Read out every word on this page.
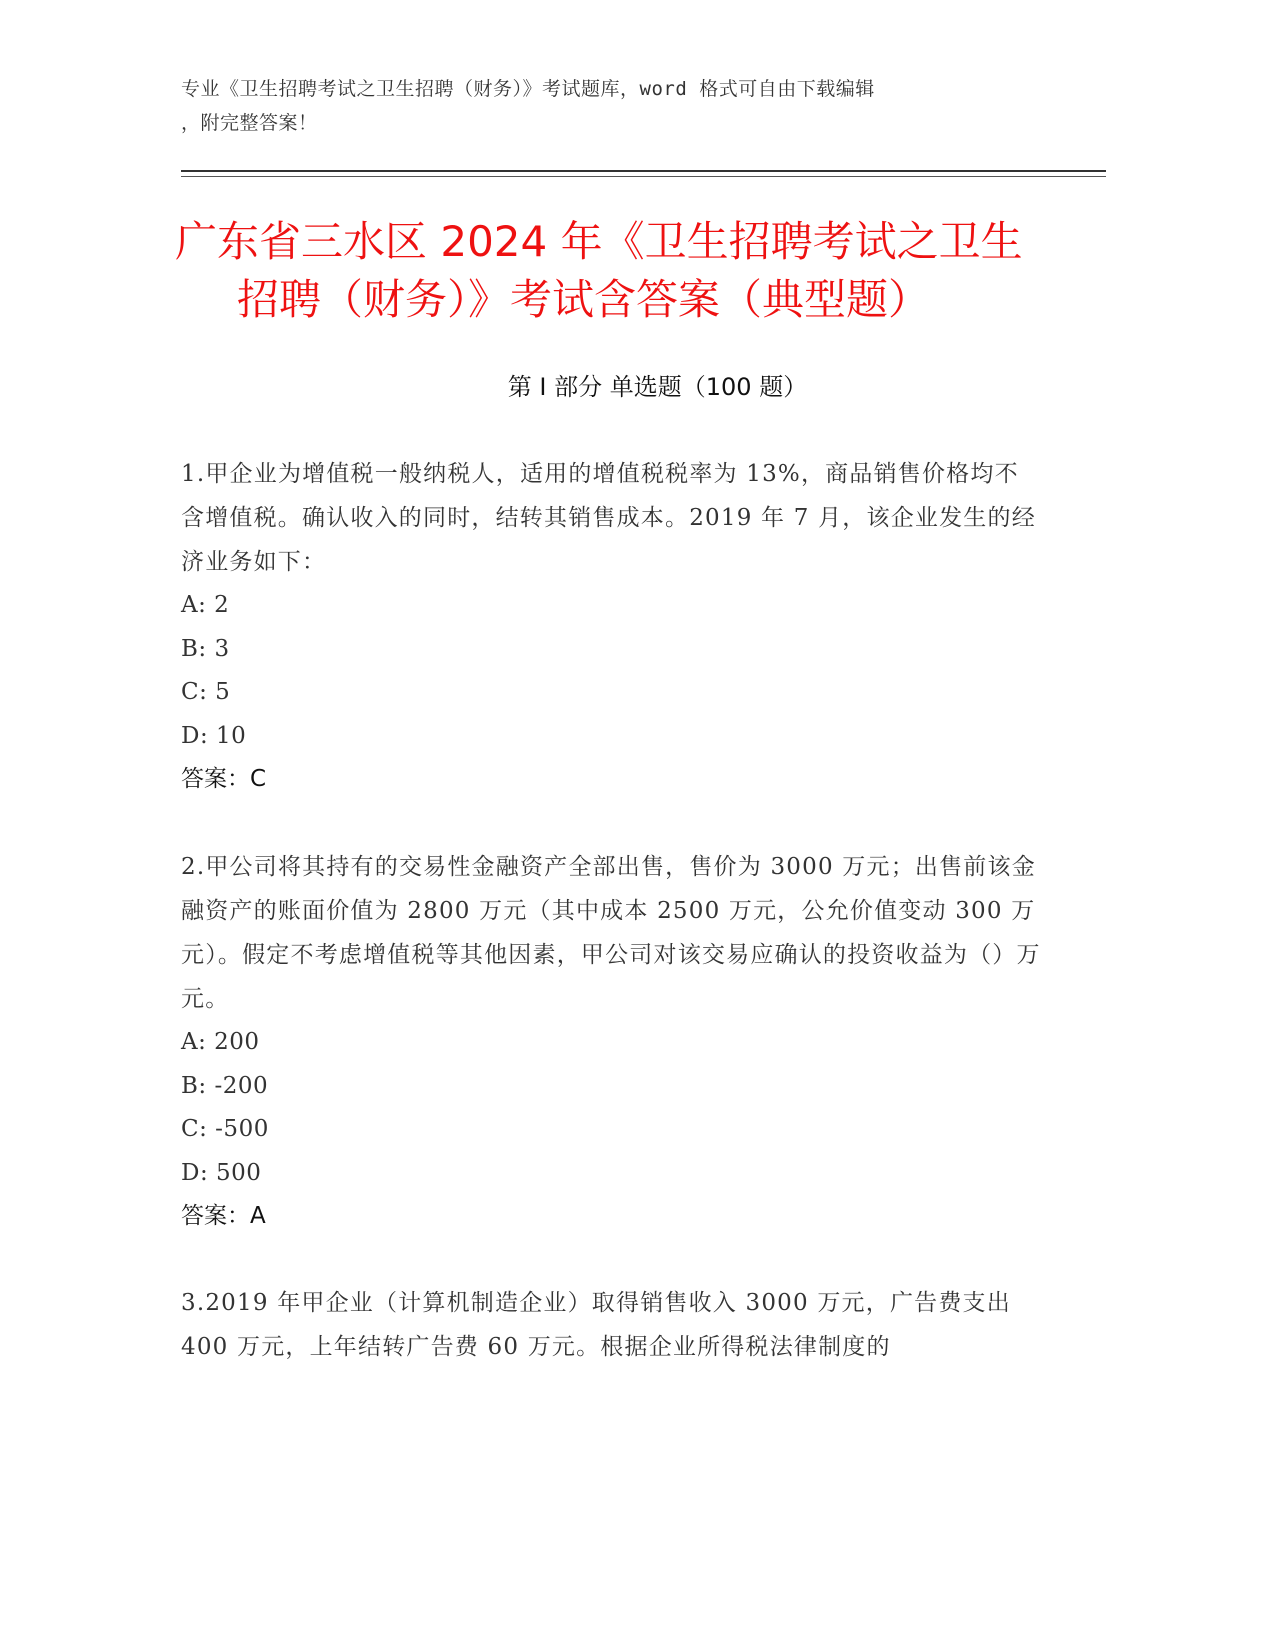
专业《卫生招聘考试之卫生招聘（财务）》考试题库，word 格式可自由下载编辑
，附完整答案！
广东省三水区 2024 年《卫生招聘考试之卫生
招聘（财务）》考试含答案（典型题）
第 I 部分 单选题（100 题）

1.甲企业为增值税一般纳税人，适用的增值税税率为 13%，商品销售价格均不含增值税。确认收入的同时，结转其销售成本。2019 年 7 月，该企业发生的经济业务如下：

A: 2

B: 3

C: 5

D: 10

答案：C

2.甲公司将其持有的交易性金融资产全部出售，售价为 3000 万元；出售前该金融资产的账面价值为 2800 万元（其中成本 2500 万元，公允价值变动 300 万元）。假定不考虑增值税等其他因素，甲公司对该交易应确认的投资收益为（）万元。

A: 200

B: -200

C: -500

D: 500

答案：A

3.2019 年甲企业（计算机制造企业）取得销售收入 3000 万元，广告费支出 400 万元，上年结转广告费 60 万元。根据企业所得税法律制度的
